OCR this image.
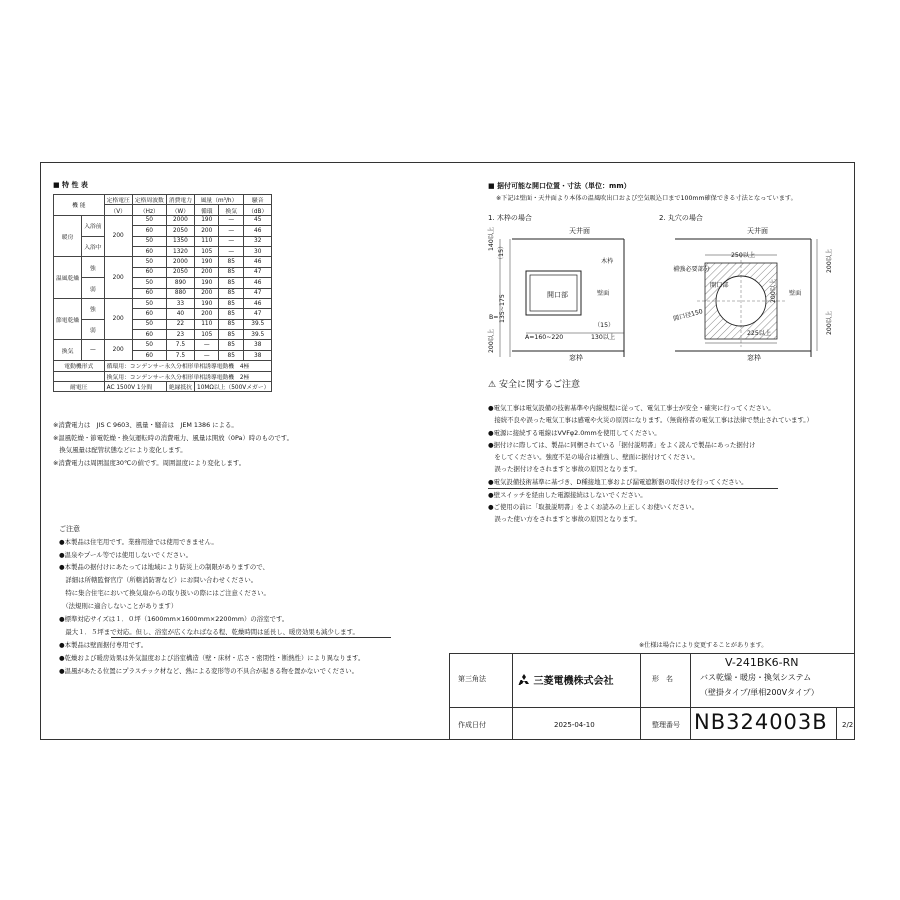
■ 特 性 表
機 能		定格電圧	定格周波数	消費電力	風量（m³/h）		騒音
		（V）	（Hz）	（W）	循環	換気	（dB）
暖房	入浴前	200	50	2000	190	—	45
			60	2050	200	—	46
	入浴中		50	1350	110	—	32
			60	1320	105	—	30
温風乾燥	強	200	50	2000	190	85	46
			60	2050	200	85	47
	弱		50	890	190	85	46
			60	880	200	85	47
節電乾燥	強	200	50	33	190	85	46
			60	40	200	85	47
	弱		50	22	110	85	39.5
			60	23	105	85	39.5
換気	—	200	50	7.5	—	85	38
			60	7.5	—	85	38
電動機形式		循環用：コンデンサー永久分相形単相誘導電動機　4極					
		換気用：コンデンサー永久分相形単相誘導電動機　2極					
耐電圧		AC 1500V 1分間		絶縁抵抗	10MΩ以上（500Vメガー）		
※消費電力は　JIS C 9603、風量・騒音は　JEM 1386 による。
※温風乾燥・節電乾燥・換気運転時の消費電力、風量は開放（0Pa）時のものです。
　換気風量は配管状態などにより変化します。
※消費電力は周囲温度30℃の値です。周囲温度により変化します。
ご注意
●本製品は住宅用です。業務用途では使用できません。
●温泉やプール等では使用しないでください。
●本製品の据付けにあたっては地域により防災上の制限がありますので、
　詳細は所轄監督官庁（所轄消防署など）にお問い合わせください。
　特に集合住宅において換気扇からの取り扱いの際にはご注意ください。
　（法規則に適合しないことがあります）
●標準対応サイズは１．０坪（1600mm×1600mm×2200mm）の浴室です。
　最大１．５坪まで対応。但し、浴室が広くなればなる程、乾燥時間は延長し、暖房効果も減少します。
●本製品は壁面据付専用です。
●乾燥および暖房効果は外気温度および浴室構造（壁・床材・広さ・密閉性・断熱性）により異なります。
●温風があたる位置にプラスチック材など、熱による変形等の不具合が起きる物を置かないでください。
■ 据付可能な開口位置・寸法（単位：mm）
※下記は壁面・天井面より本体の温風吹出口および空気吸込口まで100mm確保できる寸法となっています。
1. 木枠の場合	2. 丸穴の場合
天井面
開口部
木枠
窓枠
140以上
（15）
135~175
B=
200以上	A=160~220
（15）
130以上
壁面
天井面
補強必要部分
開口部
250以上	200以上
200以上
200以上
225以上
開口径150
窓枠
壁面
⚠ 安全に関するご注意
●電気工事は電気設備の技術基準や内線規程に従って、電気工事士が安全・確実に行ってください。
　接続不良や誤った電気工事は感電や火災の原因になります。（無資格者の電気工事は法律で禁止されています。）
●電源に接続する電線はVVFφ2.0mmを使用してください。
●据付けに際しては、製品に同梱されている「据付説明書」をよく読んで製品にあった据付け
　をしてください。強度不足の場合は補強し、壁面に据付けてください。
　誤った据付けをされますと事故の原因となります。
●電気設備技術基準に基づき、D種接地工事および漏電遮断器の取付けを行ってください。
●壁スイッチを経由した電源接続はしないでください。
●ご使用の前に「取扱説明書」をよくお読みの上正しくお使いください。
　誤った使い方をされますと事故の原因となります。
※仕様は場合により変更することがあります。
第三角法	三菱電機株式会社	形　名
V-241BK6-RN
バス乾燥・暖房・換気システム
（壁掛タイプ/単相200Vタイプ）
作成日付	2025-04-10	整理番号 NB324003B 2/2
